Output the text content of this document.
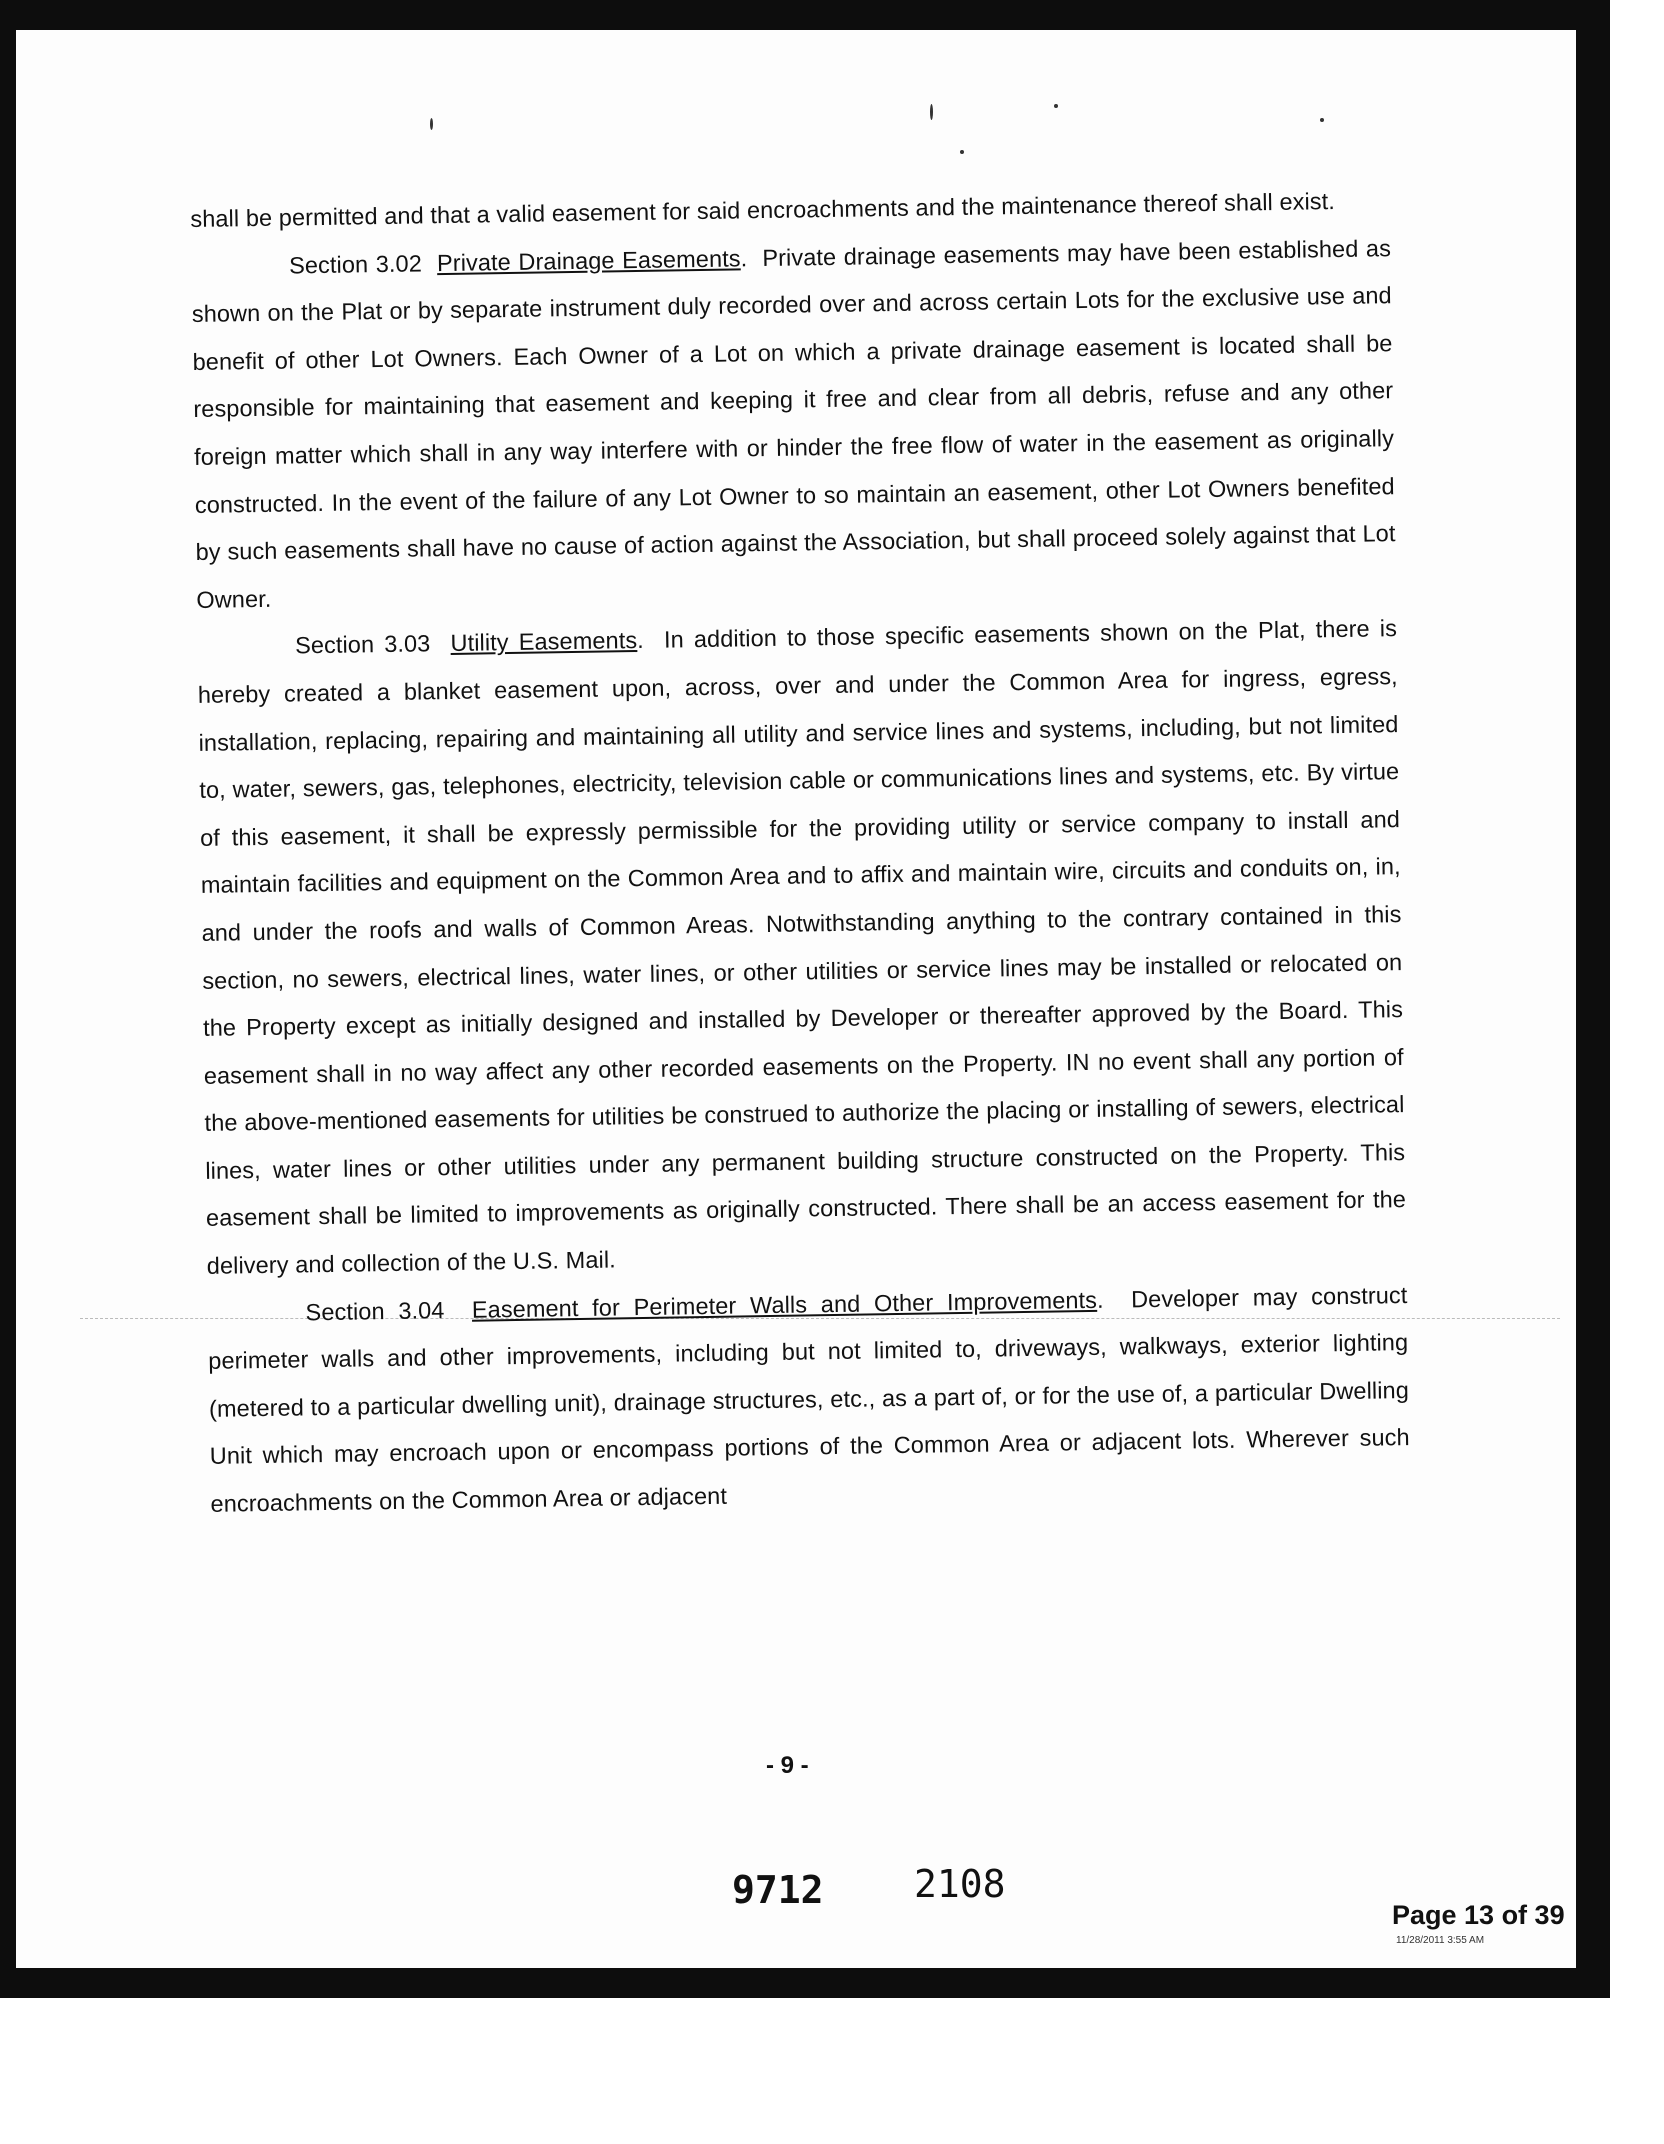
shall be permitted and that a valid easement for said encroachments and the maintenance thereof shall exist.

Section 3.02 Private Drainage Easements.  Private drainage easements may have been established as shown on the Plat or by separate instrument duly recorded over and across certain Lots for the exclusive use and benefit of other Lot Owners. Each Owner of a Lot on which a private drainage easement is located shall be responsible for maintaining that easement and keeping it free and clear from all debris, refuse and any other foreign matter which shall in any way interfere with or hinder the free flow of water in the easement as originally constructed. In the event of the failure of any Lot Owner to so maintain an easement, other Lot Owners benefited by such easements shall have no cause of action against the Association, but shall proceed solely against that Lot Owner.

Section 3.03 Utility Easements.  In addition to those specific easements shown on the Plat, there is hereby created a blanket easement upon, across, over and under the Common Area for ingress, egress, installation, replacing, repairing and maintaining all utility and service lines and systems, including, but not limited to, water, sewers, gas, telephones, electricity, television cable or communications lines and systems, etc. By virtue of this easement, it shall be expressly permissible for the providing utility or service company to install and maintain facilities and equipment on the Common Area and to affix and maintain wire, circuits and conduits on, in, and under the roofs and walls of Common Areas. Notwithstanding anything to the contrary contained in this section, no sewers, electrical lines, water lines, or other utilities or service lines may be installed or relocated on the Property except as initially designed and installed by Developer or thereafter approved by the Board. This easement shall in no way affect any other recorded easements on the Property. IN no event shall any portion of the above-mentioned easements for utilities be construed to authorize the placing or installing of sewers, electrical lines, water lines or other utilities under any permanent building structure constructed on the Property. This easement shall be limited to improvements as originally constructed. There shall be an access easement for the delivery and collection of the U.S. Mail.

Section 3.04 Easement for Perimeter Walls and Other Improvements.  Developer may construct perimeter walls and other improvements, including but not limited to, driveways, walkways, exterior lighting (metered to a particular dwelling unit), drainage structures, etc., as a part of, or for the use of, a particular Dwelling Unit which may encroach upon or encompass portions of the Common Area or adjacent lots. Wherever such encroachments on the Common Area or adjacent

- 9 -
9712 2108
Page 13 of 39
11/28/2011 3:55 AM
